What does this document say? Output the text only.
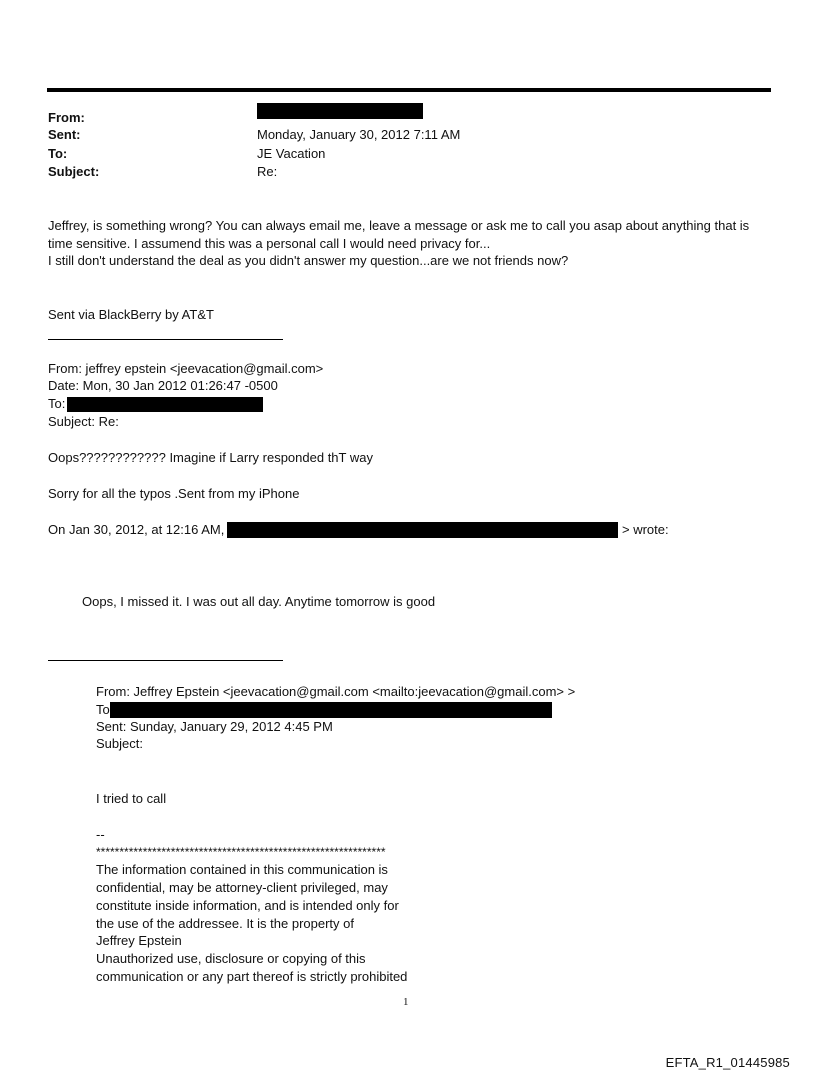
From:
Sent:	Monday, January 30, 2012 7:11 AM
To:	JE Vacation
Subject:	Re:
Jeffrey, is something wrong? You can always email me, leave a message or ask me to call you asap about anything that is
time sensitive. I assumend this was a personal call I would need privacy for...
I still don't understand the deal as you didn't answer my question...are we not friends now?
Sent via BlackBerry by AT&T
From: jeffrey epstein <jeevacation@gmail.com>
Date: Mon, 30 Jan 2012 01:26:47 -0500
To:
Subject: Re:
Oops???????????? Imagine if Larry responded thT way
Sorry for all the typos .Sent from my iPhone
On Jan 30, 2012, at 12:16 AM,	> wrote:
Oops, I missed it. I was out all day. Anytime tomorrow is good
From: Jeffrey Epstein <jeevacation@gmail.com <mailto:jeevacation@gmail.com> >
To
Sent: Sunday, January 29, 2012 4:45 PM
Subject:
I tried to call
--
**************************************************************
The information contained in this communication is
confidential, may be attorney-client privileged, may
constitute inside information, and is intended only for
the use of the addressee. It is the property of
Jeffrey Epstein
Unauthorized use, disclosure or copying of this
communication or any part thereof is strictly prohibited
1
EFTA_R1_01445985
